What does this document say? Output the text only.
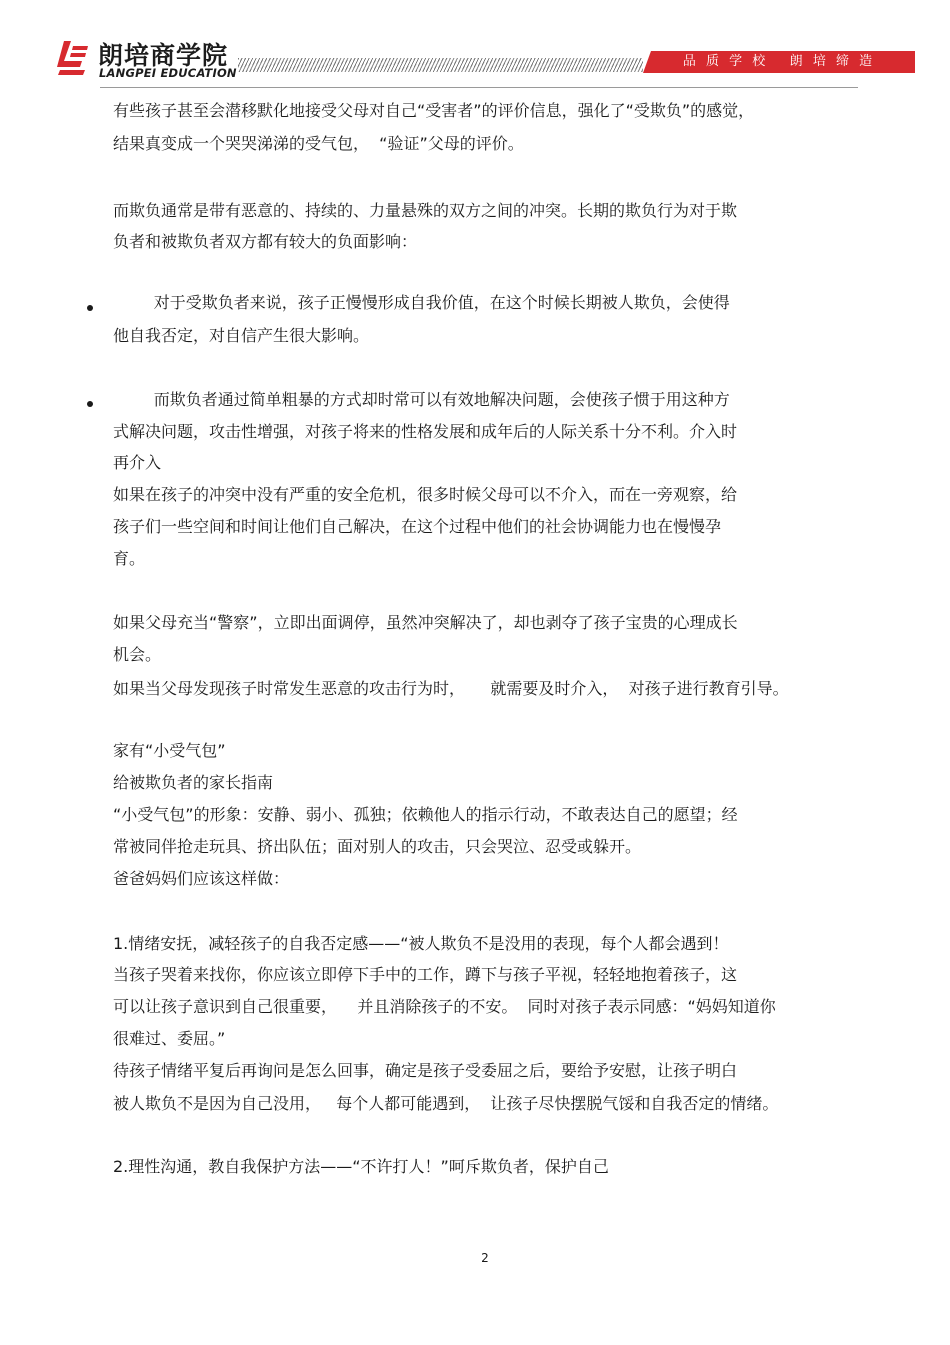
朗培商学院
LANGPEI EDUCATION
品 质 学 校   朗 培 缔 造
有些孩子甚至会潜移默化地接受父母对自己“受害者”的评价信息，强化了“受欺负”的感觉，
结果真变成一个哭哭涕涕的受气包，  “验证”父母的评价。
而欺负通常是带有恶意的、持续的、力量悬殊的双方之间的冲突。长期的欺负行为对于欺
负者和被欺负者双方都有较大的负面影响：
对于受欺负者来说，孩子正慢慢形成自我价值，在这个时候长期被人欺负，会使得
他自我否定，对自信产生很大影响。
而欺负者通过简单粗暴的方式却时常可以有效地解决问题，会使孩子惯于用这种方
式解决问题，攻击性增强，对孩子将来的性格发展和成年后的人际关系十分不利。介入时
再介入
如果在孩子的冲突中没有严重的安全危机，很多时候父母可以不介入，而在一旁观察，给
孩子们一些空间和时间让他们自己解决，在这个过程中他们的社会协调能力也在慢慢孕
育。
如果父母充当“警察”，立即出面调停，虽然冲突解决了，却也剥夺了孩子宝贵的心理成长
机会。
如果当父母发现孩子时常发生恶意的攻击行为时，     就需要及时介入，  对孩子进行教育引导。
家有“小受气包”
给被欺负者的家长指南
“小受气包”的形象：安静、弱小、孤独；依赖他人的指示行动，不敢表达自己的愿望；经
常被同伴抢走玩具、挤出队伍；面对别人的攻击，只会哭泣、忍受或躲开。
爸爸妈妈们应该这样做：
1.情绪安抚，减轻孩子的自我否定感——“被人欺负不是没用的表现，每个人都会遇到！
当孩子哭着来找你，你应该立即停下手中的工作，蹲下与孩子平视，轻轻地抱着孩子，这
可以让孩子意识到自己很重要，    并且消除孩子的不安。  同时对孩子表示同感：“妈妈知道你
很难过、委屈。”
待孩子情绪平复后再询问是怎么回事，确定是孩子受委屈之后，要给予安慰，让孩子明白
被人欺负不是因为自己没用，   每个人都可能遇到，  让孩子尽快摆脱气馁和自我否定的情绪。
2.理性沟通，教自我保护方法——“不许打人！”呵斥欺负者，保护自己
2
